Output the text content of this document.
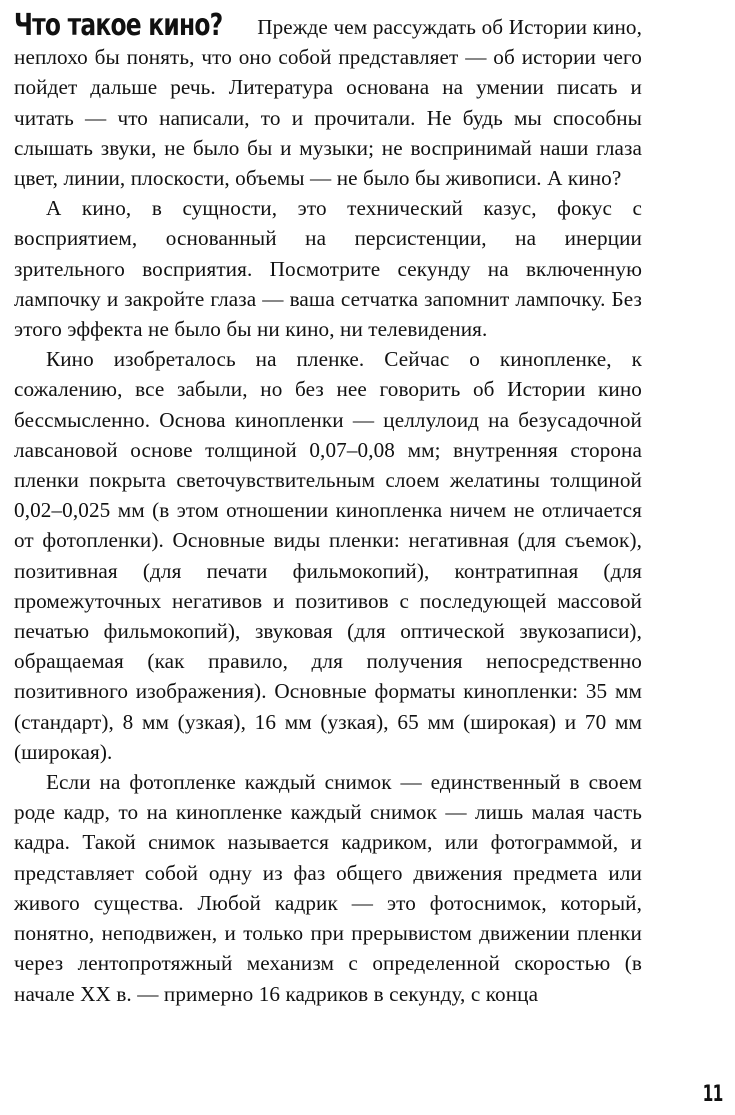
Что такое кино? Прежде чем рассуждать об Истории кино, неплохо бы понять, что оно собой представляет — об истории чего пойдет дальше речь. Литература основана на умении писать и читать — что написали, то и прочитали. Не будь мы способны слышать звуки, не было бы и музыки; не воспринимай наши глаза цвет, линии, плоскости, объемы — не было бы живописи. А кино?

А кино, в сущности, это технический казус, фокус с восприятием, основанный на персистенции, на инерции зрительного восприятия. Посмотрите секунду на включенную лампочку и закройте глаза — ваша сетчатка запомнит лампочку. Без этого эффекта не было бы ни кино, ни телевидения.

Кино изобреталось на пленке. Сейчас о кинопленке, к сожалению, все забыли, но без нее говорить об Истории кино бессмысленно. Основа кинопленки — целлулоид на безусадочной лавсановой основе толщиной 0,07–0,08 мм; внутренняя сторона пленки покрыта светочувствительным слоем желатины толщиной 0,02–0,025 мм (в этом отношении кинопленка ничем не отличается от фотопленки). Основные виды пленки: негативная (для съемок), позитивная (для печати фильмокопий), контратипная (для промежуточных негативов и позитивов с последующей массовой печатью фильмокопий), звуковая (для оптической звукозаписи), обращаемая (как правило, для получения непосредственно позитивного изображения). Основные форматы кинопленки: 35 мм (стандарт), 8 мм (узкая), 16 мм (узкая), 65 мм (широкая) и 70 мм (широкая).

Если на фотопленке каждый снимок — единственный в своем роде кадр, то на кинопленке каждый снимок — лишь малая часть кадра. Такой снимок называется кадриком, или фотограммой, и представляет собой одну из фаз общего движения предмета или живого существа. Любой кадрик — это фотоснимок, который, понятно, неподвижен, и только при прерывистом движении пленки через лентопротяжный механизм с определенной скоростью (в начале XX в. — примерно 16 кадриков в секунду, с конца

11
